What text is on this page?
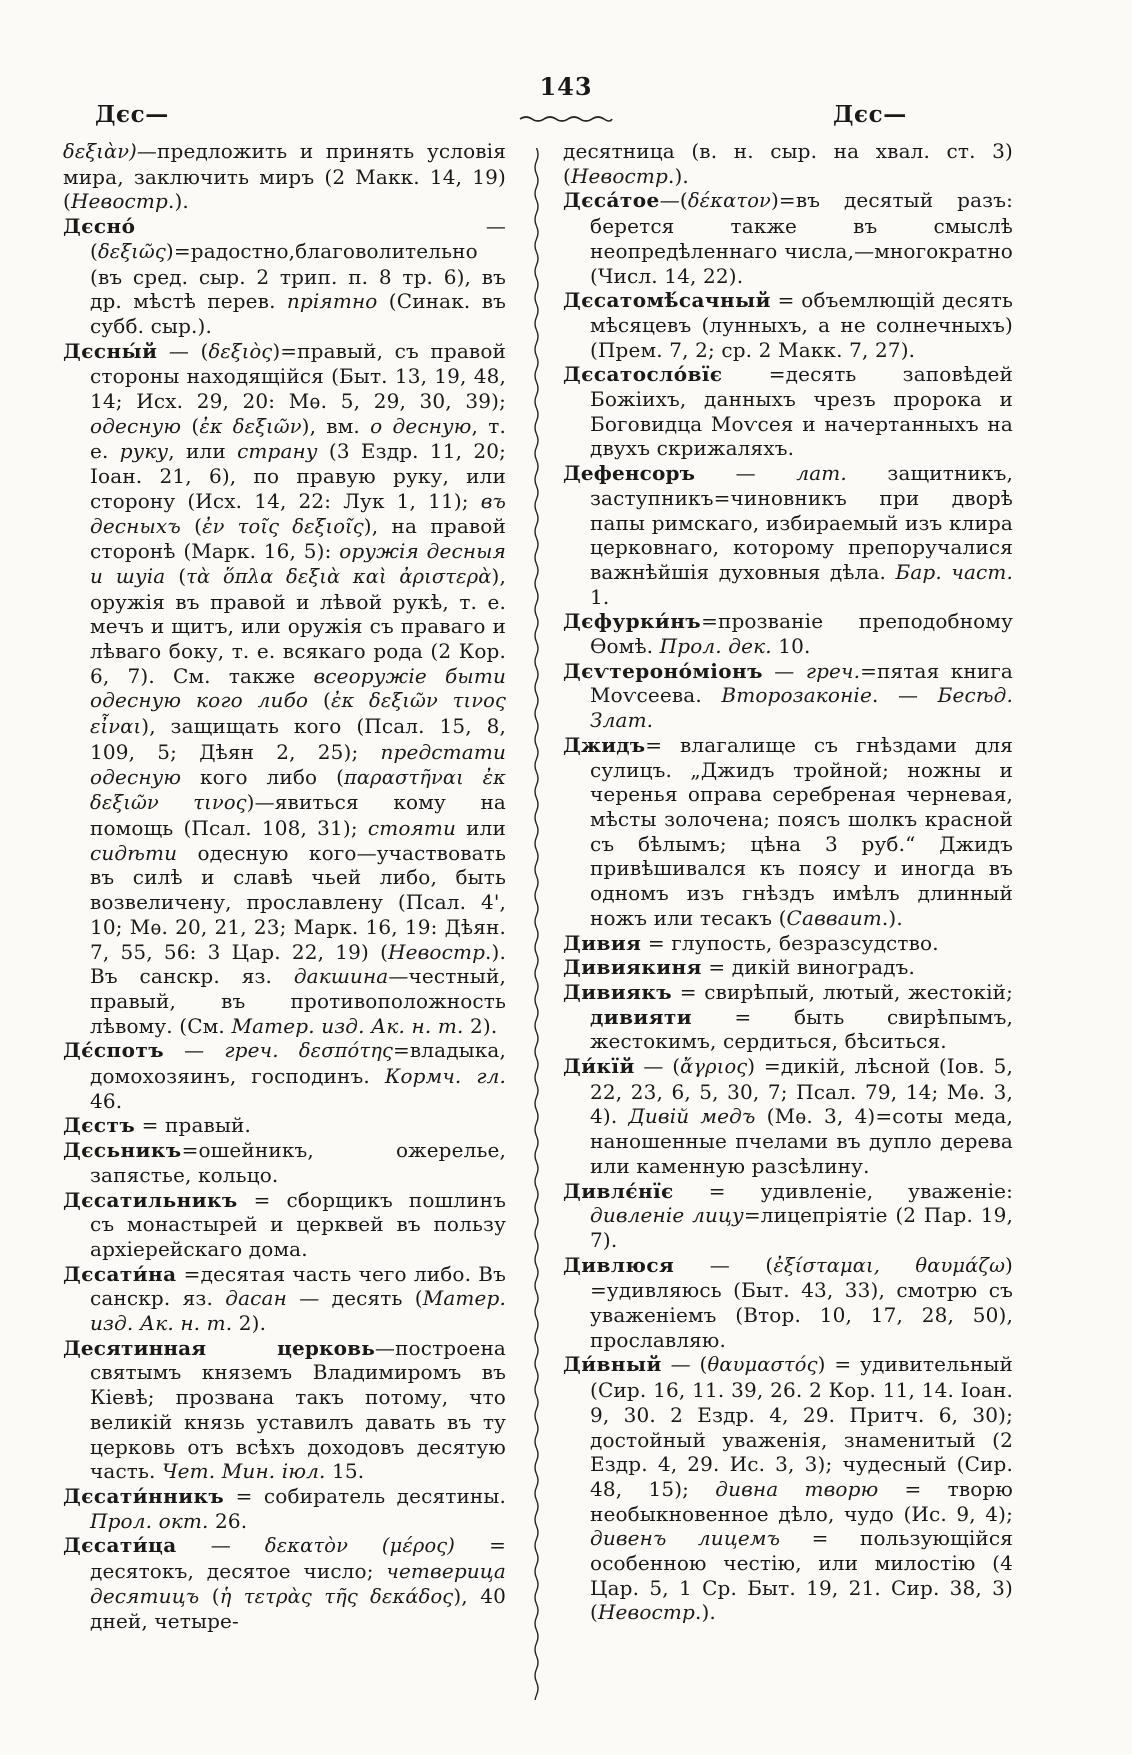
143
Дєс—	Дєс—

δεξιὰν)—предложить и принять условія мира, заключить миръ (2 Макк. 14, 19) (Невостр.).

Дєсно́ — (δεξιῶς)=радостно,благоволительно (въ сред. сыр. 2 трип. п. 8 тр. 6), въ др. мѣстѣ перев. пріятно (Синак. въ субб. сыр.).

Дєсны́й — (δεξιὸς)=правый, съ правой стороны находящійся (Быт. 13, 19, 48, 14; Исх. 29, 20: Мѳ. 5, 29, 30, 39); одесную (ἐκ δεξιῶν), вм. о десную, т. е. руку, или страну (3 Ездр. 11, 20; Іоан. 21, 6), по правую руку, или сторону (Исх. 14, 22: Лук 1, 11); въ десныхъ (ἐν τοῖς δεξιοῖς), на правой сторонѣ (Марк. 16, 5): оружія десныя и шуіа (τὰ ὅπλα δεξιὰ καὶ ἀριστερὰ), оружія въ правой и лѣвой рукѣ, т. е. мечъ и щитъ, или оружія съ праваго и лѣваго боку, т. е. всякаго рода (2 Кор. 6, 7). См. также всеоружіе быти одесную кого либо (ἐκ δεξιῶν τινος εἶναι), защищать кого (Псал. 15, 8, 109, 5; Дѣян 2, 25); предстати одесную кого либо (παραστῆναι ἐκ δεξιῶν τινος)—явиться кому на помощь (Псал. 108, 31); стояти или сидѣти одесную кого—участвовать въ силѣ и славѣ чьей либо, быть возвеличену, прославлену (Псал. 4', 10; Мѳ. 20, 21, 23; Марк. 16, 19: Дѣян. 7, 55, 56: 3 Цар. 22, 19) (Невостр.). Въ санскр. яз. дакшина—честный, правый, въ противоположность лѣвому. (См. Матер. изд. Ак. н. т. 2).

Дє́спотъ — греч. δεσπότης=владыка, домохозяинъ, господинъ. Кормч. гл. 46.

Дєстъ = правый.

Дєсьникъ=ошейникъ, ожерелье, запястье, кольцо.

Дєсатильникъ = сборщикъ пошлинъ съ монастырей и церквей въ пользу архіерейскаго дома.

Дєсати́на =десятая часть чего либо. Въ санскр. яз. дасан — десять (Матер. изд. Ак. н. т. 2).

Десятинная церковь—построена святымъ княземъ Владимиромъ въ Кіевѣ; прозвана такъ потому, что великій князь уставилъ давать въ ту церковь отъ всѣхъ доходовъ десятую часть. Чет. Мин. іюл. 15.

Дєсати́нникъ = собиратель десятины. Прол. окт. 26.

Дєсати́ца — δεκατὸν (μέρος) = десятокъ, десятое число; четверица десятицъ (ἡ τετρὰς τῆς δεκάδος), 40 дней, четыре-

десятница (в. н. сыр. на хвал. ст. 3) (Невостр.).

Дєса́тое—(δέκατον)=въ десятый разъ: берется также въ смыслѣ неопредѣленнаго числа,—многократно (Числ. 14, 22).

Дєсатомѣ́сачный = объемлющій десять мѣсяцевъ (лунныхъ, а не солнечныхъ) (Прем. 7, 2; ср. 2 Макк. 7, 27).

Дєсатосло́вїє =десять заповѣдей Божіихъ, данныхъ чрезъ пророка и Боговидца Моѵсея и начертанныхъ на двухъ скрижаляхъ.

Дефенсоръ — лат. защитникъ, заступникъ=чиновникъ при дворѣ папы римскаго, избираемый изъ клира церковнаго, которому препоручалися важнѣйшія духовныя дѣла. Бар. част. 1.

Дєфурки́нъ=прозваніе преподобному Ѳомѣ. Прол. дек. 10.

Дєѵтероно́міонъ — греч.=пятая книга Моѵсеева. Второзаконіе. — Бесѣд. Злат.

Джидъ= влагалище съ гнѣздами для сулицъ. „Джидъ тройной; ножны и черенья оправа серебреная черневая, мѣсты золочена; поясъ шолкъ красной съ бѣлымъ; цѣна 3 руб.“ Джидъ привѣшивался къ поясу и иногда въ одномъ изъ гнѣздъ имѣлъ длинный ножъ или тесакъ (Савваит.).

Дивия = глупость, безразсудство.

Дивиякиня = дикій виноградъ.

Дивиякъ = свирѣпый, лютый, жестокій; дивияти = быть свирѣпымъ, жестокимъ, сердиться, бѣситься.

Ди́кїй — (ἄγριος) =дикій, лѣсной (Іов. 5, 22, 23, 6, 5, 30, 7; Псал. 79, 14; Мѳ. 3, 4). Дивій медъ (Мѳ. 3, 4)=соты меда, наношенные пчелами въ дупло дерева или каменную разсѣлину.

Дивлє́нїє = удивленіе, уваженіе: дивленіе лицу=лицепріятіе (2 Пар. 19, 7).

Дивлюся — (ἐξίσταμαι, θαυμάζω) =удивляюсь (Быт. 43, 33), смотрю съ уваженіемъ (Втор. 10, 17, 28, 50), прославляю.

Ди́вный — (θαυμαστός) = удивительный (Сир. 16, 11. 39, 26. 2 Кор. 11, 14. Іоан. 9, 30. 2 Ездр. 4, 29. Притч. 6, 30); достойный уваженія, знаменитый (2 Ездр. 4, 29. Ис. 3, 3); чудесный (Сир. 48, 15); дивна творю = творю необыкновенное дѣло, чудо (Ис. 9, 4); дивенъ лицемъ = пользующійся особенною честію, или милостію (4 Цар. 5, 1 Ср. Быт. 19, 21. Сир. 38, 3) (Невостр.).
